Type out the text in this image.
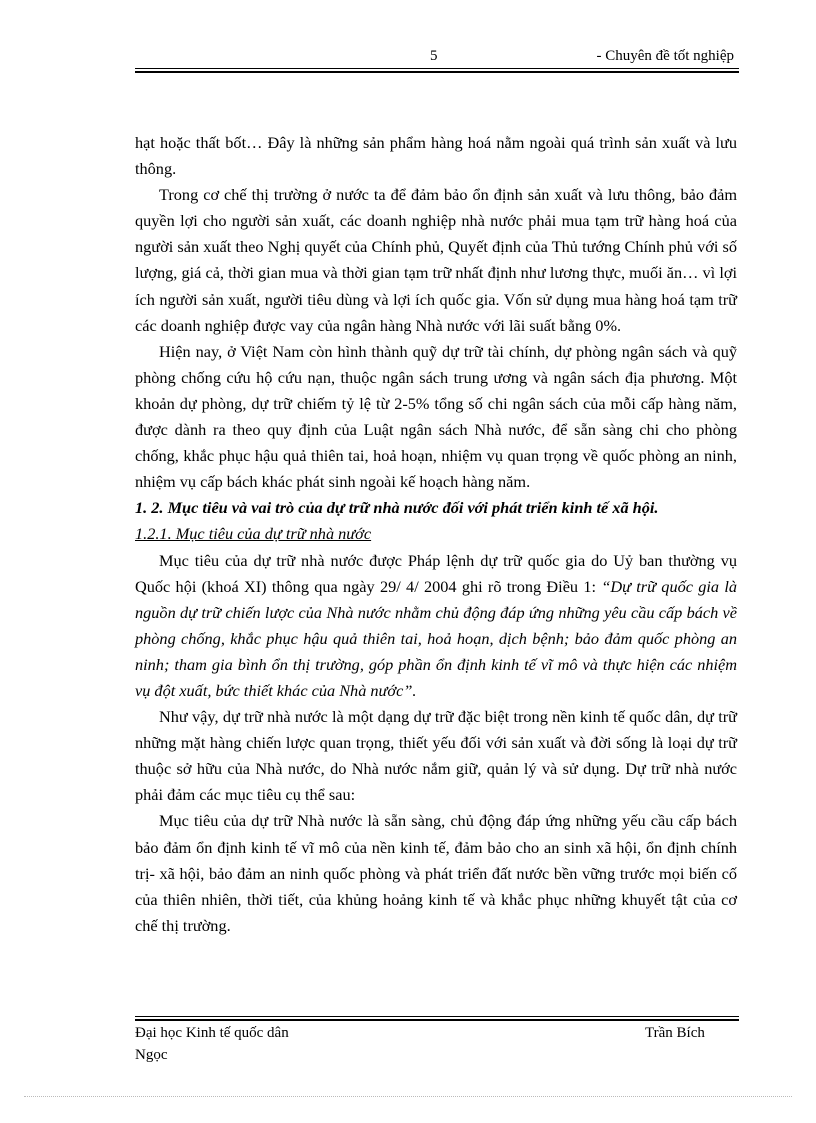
5	- Chuyên đề tốt nghiệp

hạt hoặc thất bốt… Đây là những sản phẩm hàng hoá nằm ngoài quá trình sản xuất và lưu thông.

Trong cơ chế thị trường ở nước ta để đảm bảo ổn định sản xuất và lưu thông, bảo đảm quyền lợi cho người sản xuất, các doanh nghiệp nhà nước phải mua tạm trữ hàng hoá của người sản xuất theo Nghị quyết của Chính phủ, Quyết định của Thủ tướng Chính phủ với số lượng, giá cả, thời gian mua và thời gian tạm trữ nhất định như lương thực, muối ăn… vì lợi ích người sản xuất, người tiêu dùng và lợi ích quốc gia. Vốn sử dụng mua hàng hoá tạm trữ các doanh nghiệp được vay của ngân hàng Nhà nước với lãi suất bằng 0%.

Hiện nay, ở Việt Nam còn hình thành quỹ dự trữ tài chính, dự phòng ngân sách và quỹ phòng chống cứu hộ cứu nạn, thuộc ngân sách trung ương và ngân sách địa phương. Một khoản dự phòng, dự trữ chiếm tỷ lệ từ 2-5% tổng số chi ngân sách của mỗi cấp hàng năm, được dành ra theo quy định của Luật ngân sách Nhà nước, để sẵn sàng chi cho phòng chống, khắc phục hậu quả thiên tai, hoả hoạn, nhiệm vụ quan trọng về quốc phòng an ninh, nhiệm vụ cấp bách khác phát sinh ngoài kế hoạch hàng năm.

1. 2. Mục tiêu và vai trò của dự trữ nhà nước đối với phát triển kinh tế xã hội.

1.2.1. Mục tiêu của dự trữ nhà nước

Mục tiêu của dự trữ nhà nước được Pháp lệnh dự trữ quốc gia do Uỷ ban thường vụ Quốc hội (khoá XI) thông qua ngày 29/ 4/ 2004 ghi rõ trong Điều 1: “Dự trữ quốc gia là nguồn dự trữ chiến lược của Nhà nước nhằm chủ động đáp ứng những yêu cầu cấp bách về phòng chống, khắc phục hậu quả thiên tai, hoả hoạn, dịch bệnh; bảo đảm quốc phòng an ninh; tham gia bình ổn thị trường, góp phần ổn định kinh tế vĩ mô và thực hiện các nhiệm vụ đột xuất, bức thiết khác của Nhà nước”.

Như vậy, dự trữ nhà nước là một dạng dự trữ đặc biệt trong nền kinh tế quốc dân, dự trữ những mặt hàng chiến lược quan trọng, thiết yếu đối với sản xuất và đời sống là loại dự trữ thuộc sở hữu của Nhà nước, do Nhà nước nắm giữ, quản lý và sử dụng. Dự trữ nhà nước phải đảm các mục tiêu cụ thể sau:

Mục tiêu của dự trữ Nhà nước là sẵn sàng, chủ động đáp ứng những yếu cầu cấp bách bảo đảm ổn định kinh tế vĩ mô của nền kinh tế, đảm bảo cho an sinh xã hội, ổn định chính trị- xã hội, bảo đảm an ninh quốc phòng và phát triển đất nước bền vững trước mọi biến cố của thiên nhiên, thời tiết, của khủng hoảng kinh tế và khắc phục những khuyết tật của cơ chế thị trường.

Đại học Kinh tế quốc dân	Trần Bích
Ngọc
